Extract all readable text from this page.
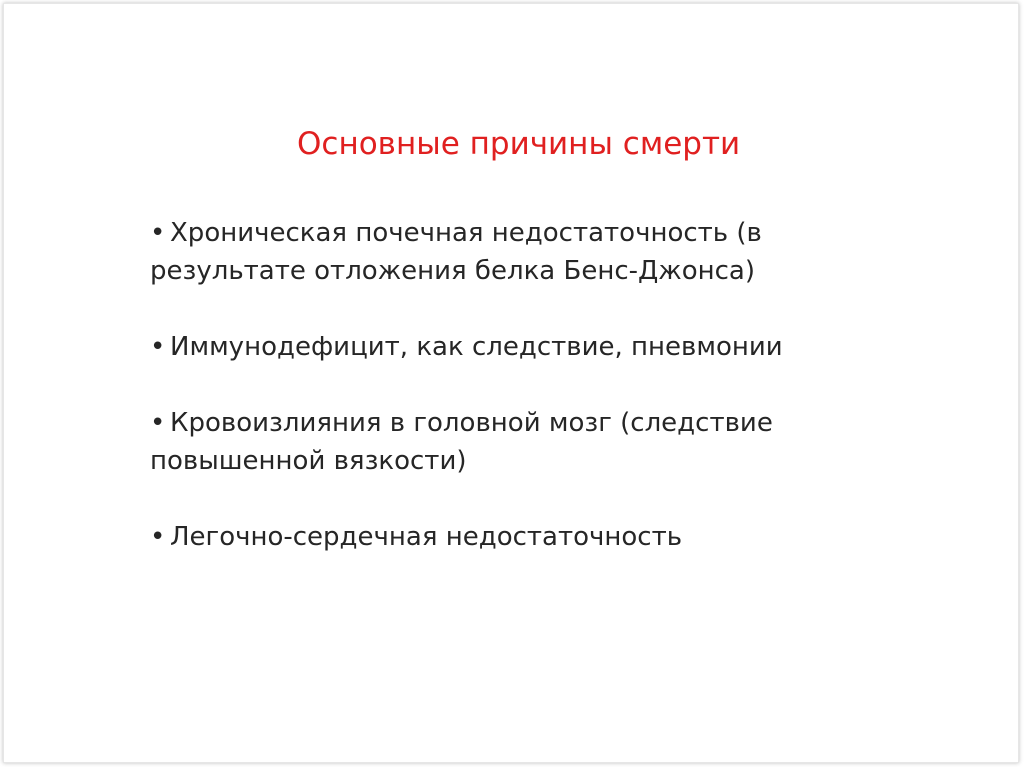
Основные причины смерти
• Хроническая почечная недостаточность (в
результате отложения белка Бенс-Джонса)
• Иммунодефицит, как следствие, пневмонии
• Кровоизлияния в головной мозг (следствие
повышенной вязкости)
• Легочно-сердечная недостаточность
